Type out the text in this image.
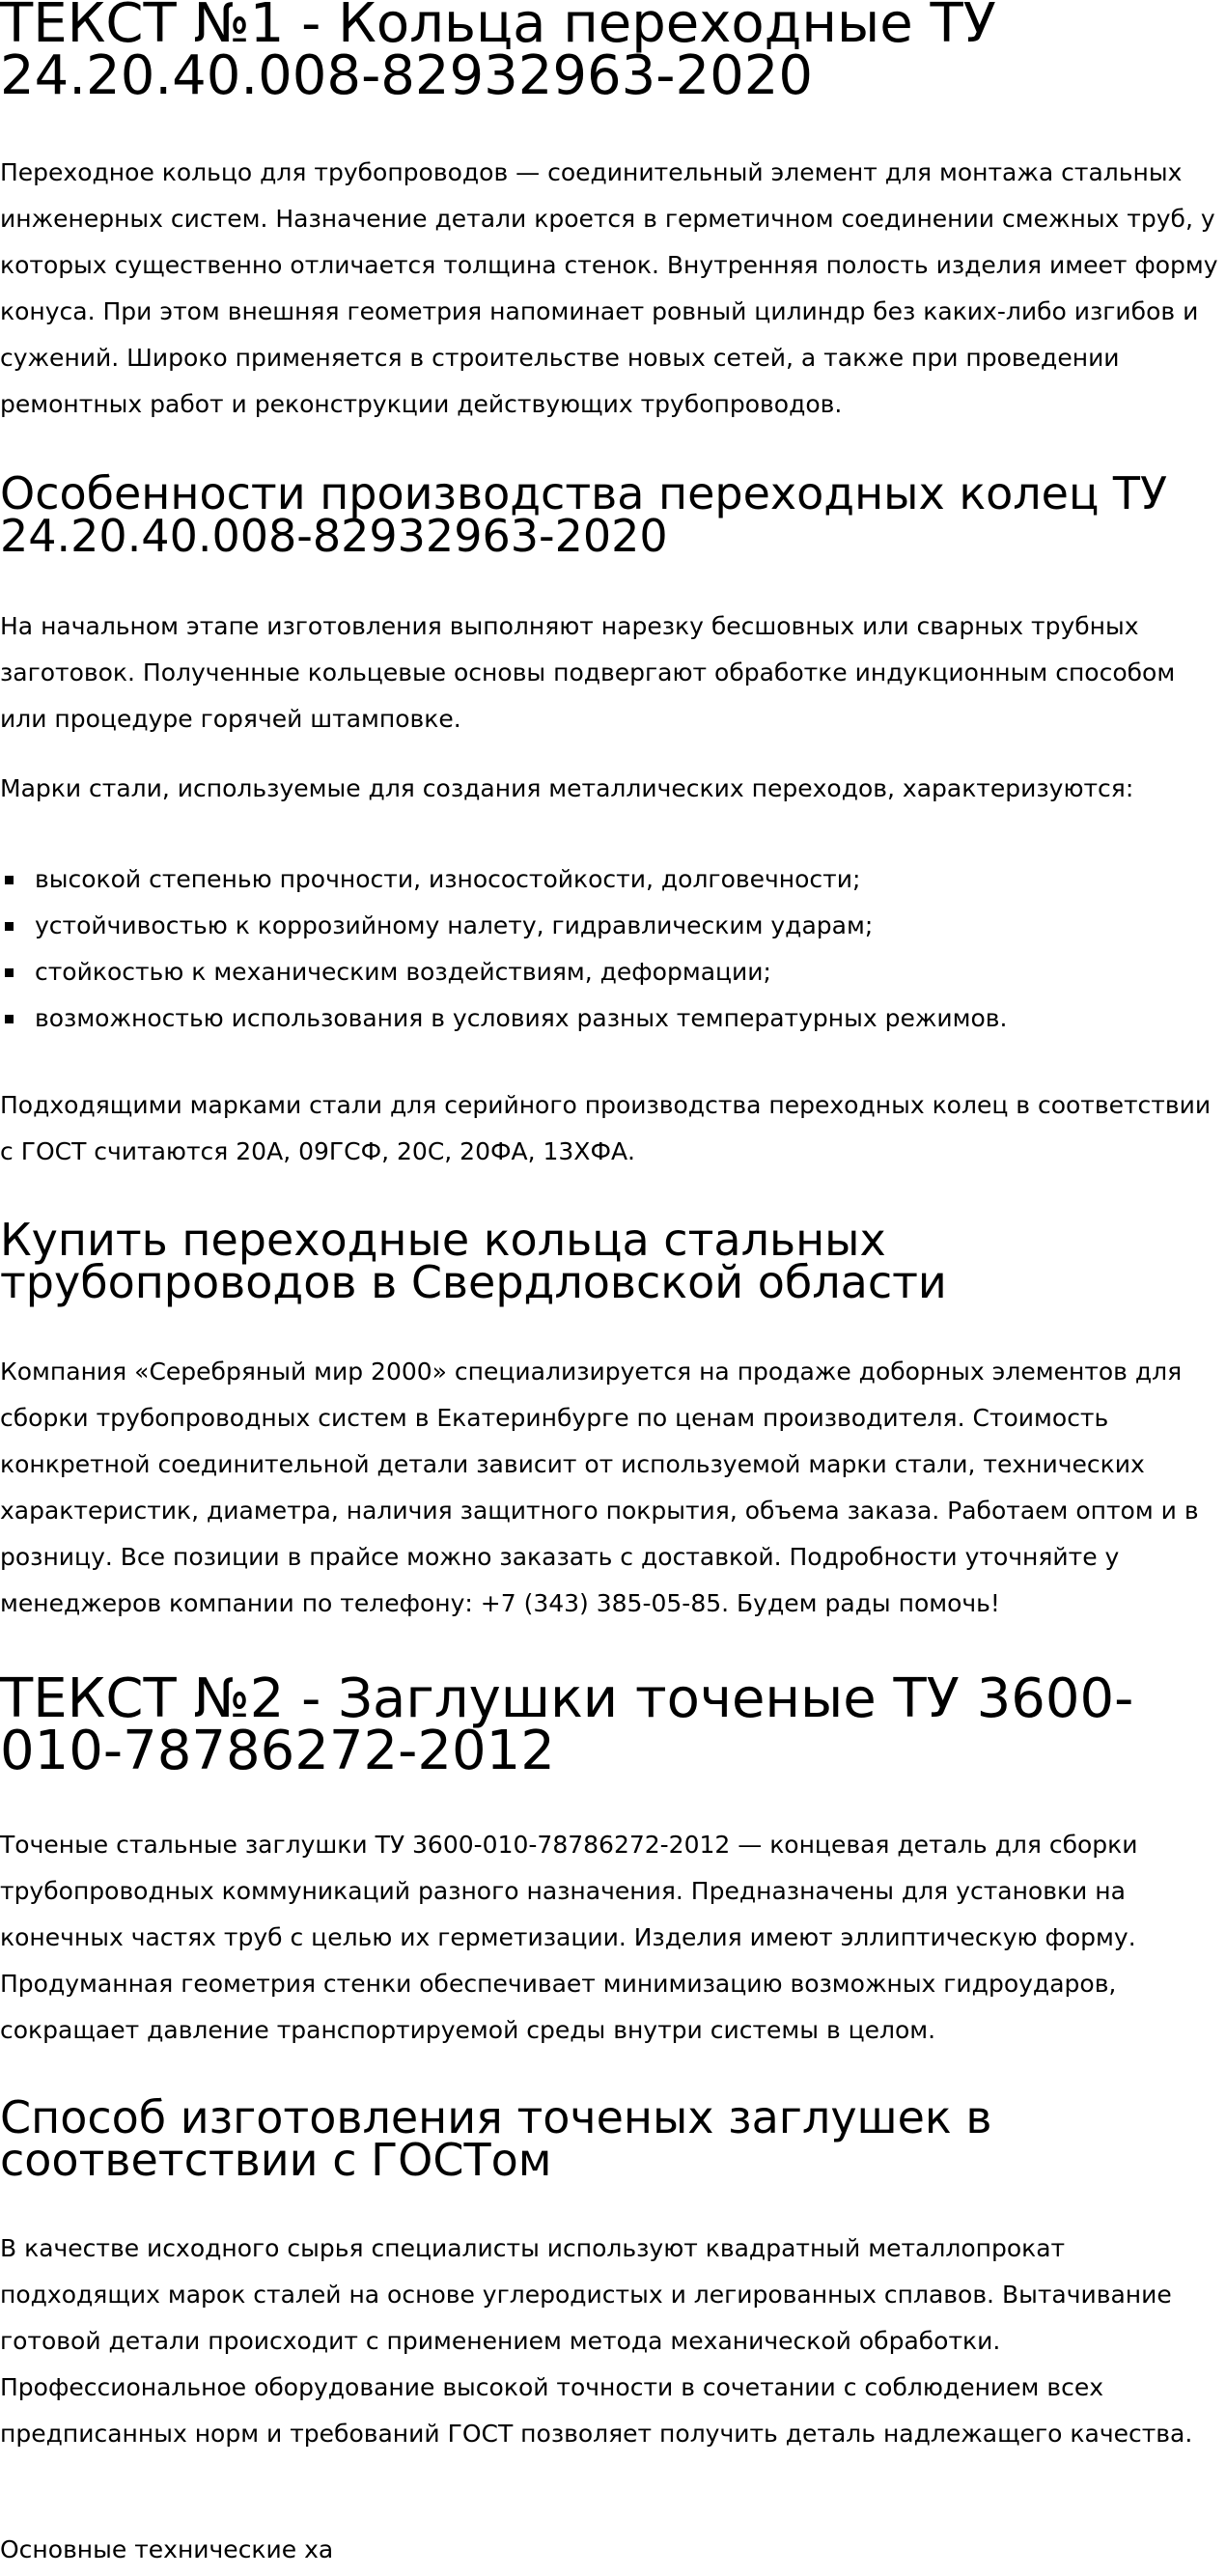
ТЕКСТ №1 - Кольца переходные ТУ 24.20.40.008-82932963-2020

Переходное кольцо для трубопроводов — соединительный элемент для монтажа стальных инженерных систем. Назначение детали кроется в герметичном соединении смежных труб, у которых существенно отличается толщина стенок. Внутренняя полость изделия имеет форму конуса. При этом внешняя геометрия напоминает ровный цилиндр без каких-либо изгибов и сужений. Широко применяется в строительстве новых сетей, а также при проведении ремонтных работ и реконструкции действующих трубопроводов.

Особенности производства переходных колец ТУ 24.20.40.008-82932963-2020

На начальном этапе изготовления выполняют нарезку бесшовных или сварных трубных заготовок. Полученные кольцевые основы подвергают обработке индукционным способом или процедуре горячей штамповке.

Марки стали, используемые для создания металлических переходов, характеризуются:

высокой степенью прочности, износостойкости, долговечности;
устойчивостью к коррозийному налету, гидравлическим ударам;
стойкостью к механическим воздействиям, деформации;
возможностью использования в условиях разных температурных режимов.

Подходящими марками стали для серийного производства переходных колец в соответствии с ГОСТ считаются 20А, 09ГСФ, 20С, 20ФА, 13ХФА.

Купить переходные кольца стальных трубопроводов в Свердловской области

Компания «Серебряный мир 2000» специализируется на продаже доборных элементов для сборки трубопроводных систем в Екатеринбурге по ценам производителя. Стоимость конкретной соединительной детали зависит от используемой марки стали, технических характеристик, диаметра, наличия защитного покрытия, объема заказа. Работаем оптом и в розницу. Все позиции в прайсе можно заказать с доставкой. Подробности уточняйте у менеджеров компании по телефону: +7 (343) 385-05-85. Будем рады помочь!

ТЕКСТ №2 - Заглушки точеные ТУ 3600-010-78786272-2012

Точеные стальные заглушки ТУ 3600-010-78786272-2012 — концевая деталь для сборки трубопроводных коммуникаций разного назначения. Предназначены для установки на конечных частях труб с целью их герметизации. Изделия имеют эллиптическую форму. Продуманная геометрия стенки обеспечивает минимизацию возможных гидроударов, сокращает давление транспортируемой среды внутри системы в целом.

Способ изготовления точеных заглушек в соответствии с ГОСТом

В качестве исходного сырья специалисты используют квадратный металлопрокат подходящих марок сталей на основе углеродистых и легированных сплавов. Вытачивание готовой детали происходит с применением метода механической обработки. Профессиональное оборудование высокой точности в сочетании с соблюдением всех предписанных норм и требований ГОСТ позволяет получить деталь надлежащего качества.

Основные технические ха
